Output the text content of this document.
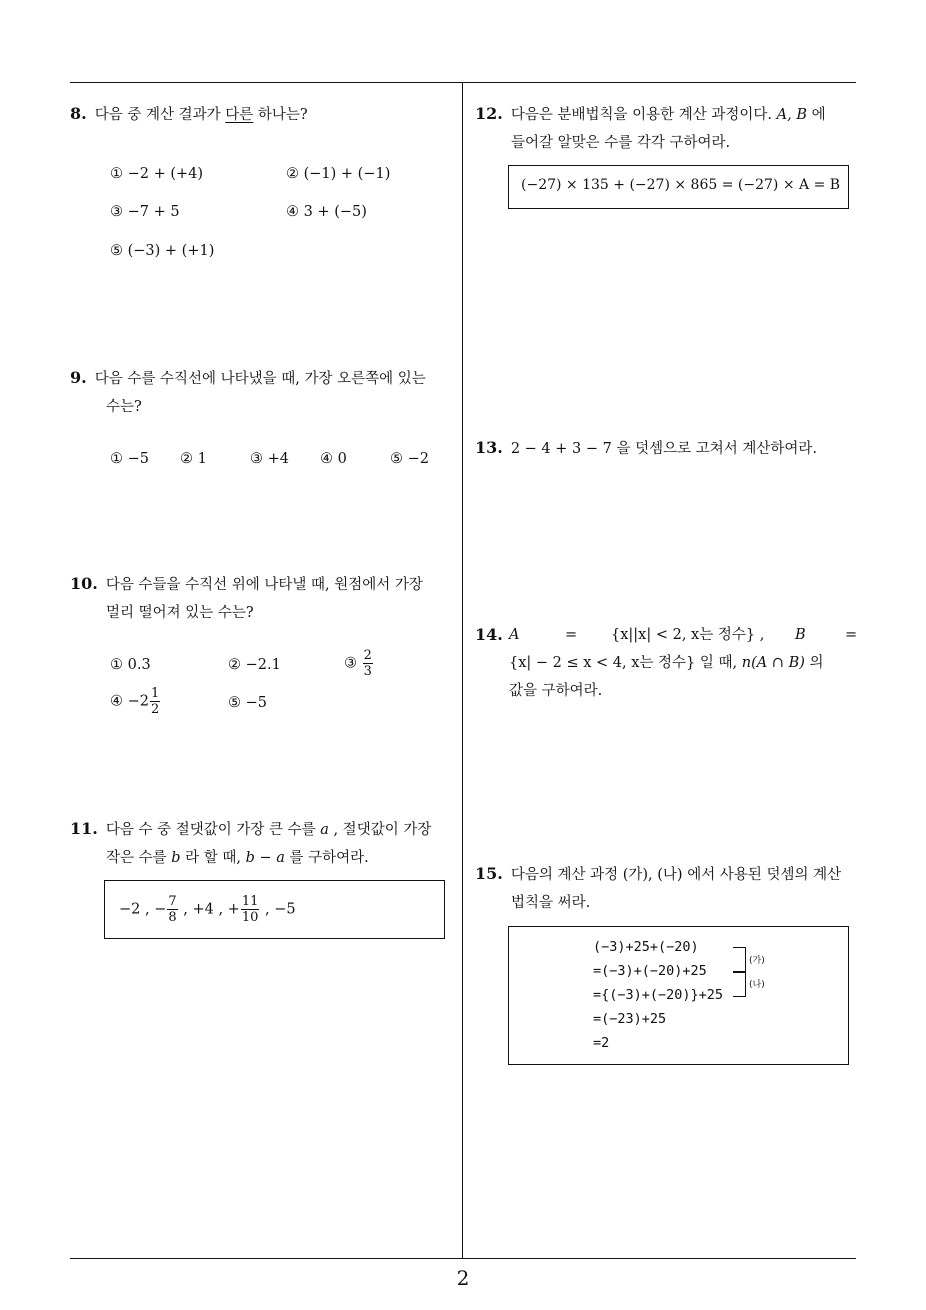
8. 다음 중 계산 결과가 다른 하나는?
① −2 + (+4)	② (−1) + (−1)
③ −7 + 5	④ 3 + (−5)
⑤ (−3) + (+1)
9. 다음 수를 수직선에 나타냈을 때, 가장 오른쪽에 있는
수는?
① −5 ② 1	③ +4 ④ 0	⑤ −2
10. 다음 수들을 수직선 위에 나타낼 때, 원점에서 가장
멀리 떨어져 있는 수는?
① 0.3	② −2.1	③ $\frac{2}{3}$
④ $-2 \frac{1}{2}$	⑤ −5
11. 다음 수 중 절댓값이 가장 큰 수를 a , 절댓값이 가장
작은 수를 b 라 할 때, b − a 를 구하여라.
−2 , − $\frac{7}{8}$ , +4 , + $\frac{11}{10}$ , −5
12. 다음은 분배법칙을 이용한 계산 과정이다. A, B 에
들어갈 알맞은 수를 각각 구하여라.
(−27) × 135 + (−27) × 865 = (−27) × A = B
13. 2 − 4 + 3 − 7 을 덧셈으로 고쳐서 계산하여라.
14. A	= {x||x| < 2, x는 정수} , B	=
{x| − 2 ≤ x < 4, x는 정수} 일 때, n(A ∩ B) 의
값을 구하여라.
15. 다음의 계산 과정 (가), (나) 에서 사용된 덧셈의 계산
법칙을 써라.
(−3)+25+(−20)
=(−3)+(−20)+25
={(−3)+(−20)}+25
=(−23)+25
=2
(가)
(나)
2
